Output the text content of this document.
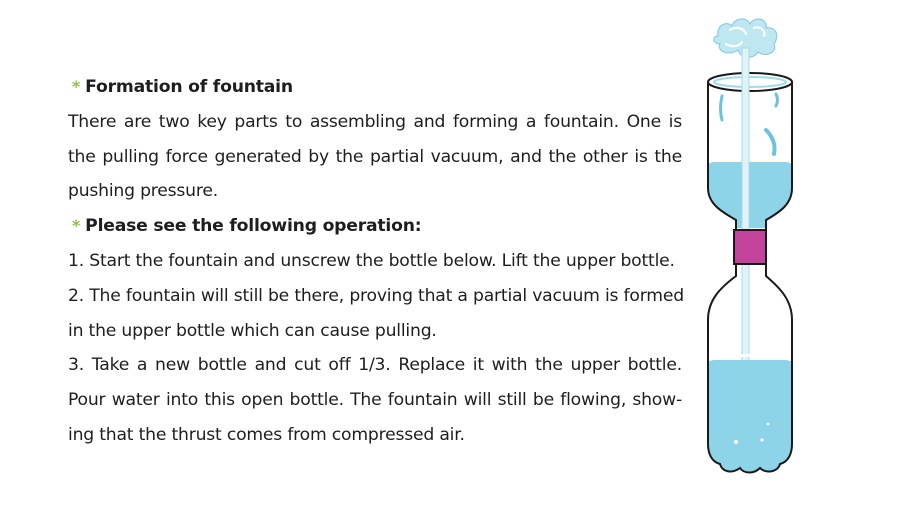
* Formation of fountain
There are two key parts to assembling and forming a fountain. One is
the pulling force generated by the partial vacuum, and the other is the
pushing pressure.
* Please see the following operation:
1. Start the fountain and unscrew the bottle below. Lift the upper bottle.
2. The fountain will still be there, proving that a partial vacuum is formed
in the upper bottle which can cause pulling.
3. Take a new bottle and cut off 1/3. Replace it with the upper bottle.
Pour water into this open bottle. The fountain will still be flowing, show-
ing that the thrust comes from compressed air.
